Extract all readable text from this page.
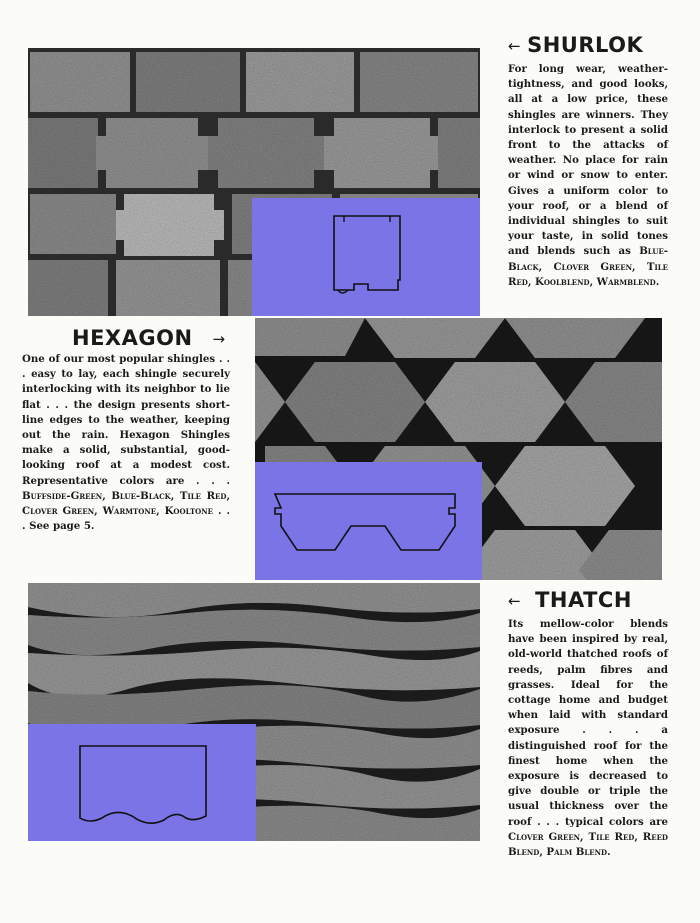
← SHURLOK

For long wear, weather-tightness, and good looks, all at a low price, these shingles are winners. They interlock to present a solid front to the attacks of weather. No place for rain or wind or snow to enter. Gives a uniform color to your roof, or a blend of individual shingles to suit your taste, in solid tones and blends such as Blue-Black, Clover Green, Tile Red, Koolblend, Warmblend.

HEXAGON →

One of our most popular shingles . . . easy to lay, each shingle securely interlocking with its neighbor to lie flat . . . the design presents short-line edges to the weather, keeping out the rain. Hexagon Shingles make a solid, substantial, good-looking roof at a modest cost. Representative colors are . . . Buffside-Green, Blue-Black, Tile Red, Clover Green, Warmtone, Kooltone . . . See page 5.

← THATCH

Its mellow-color blends have been inspired by real, old-world thatched roofs of reeds, palm fibres and grasses. Ideal for the cottage home and budget when laid with standard exposure . . . a distinguished roof for the finest home when the exposure is decreased to give double or triple the usual thickness over the roof . . . typical colors are Clover Green, Tile Red, Reed Blend, Palm Blend.
